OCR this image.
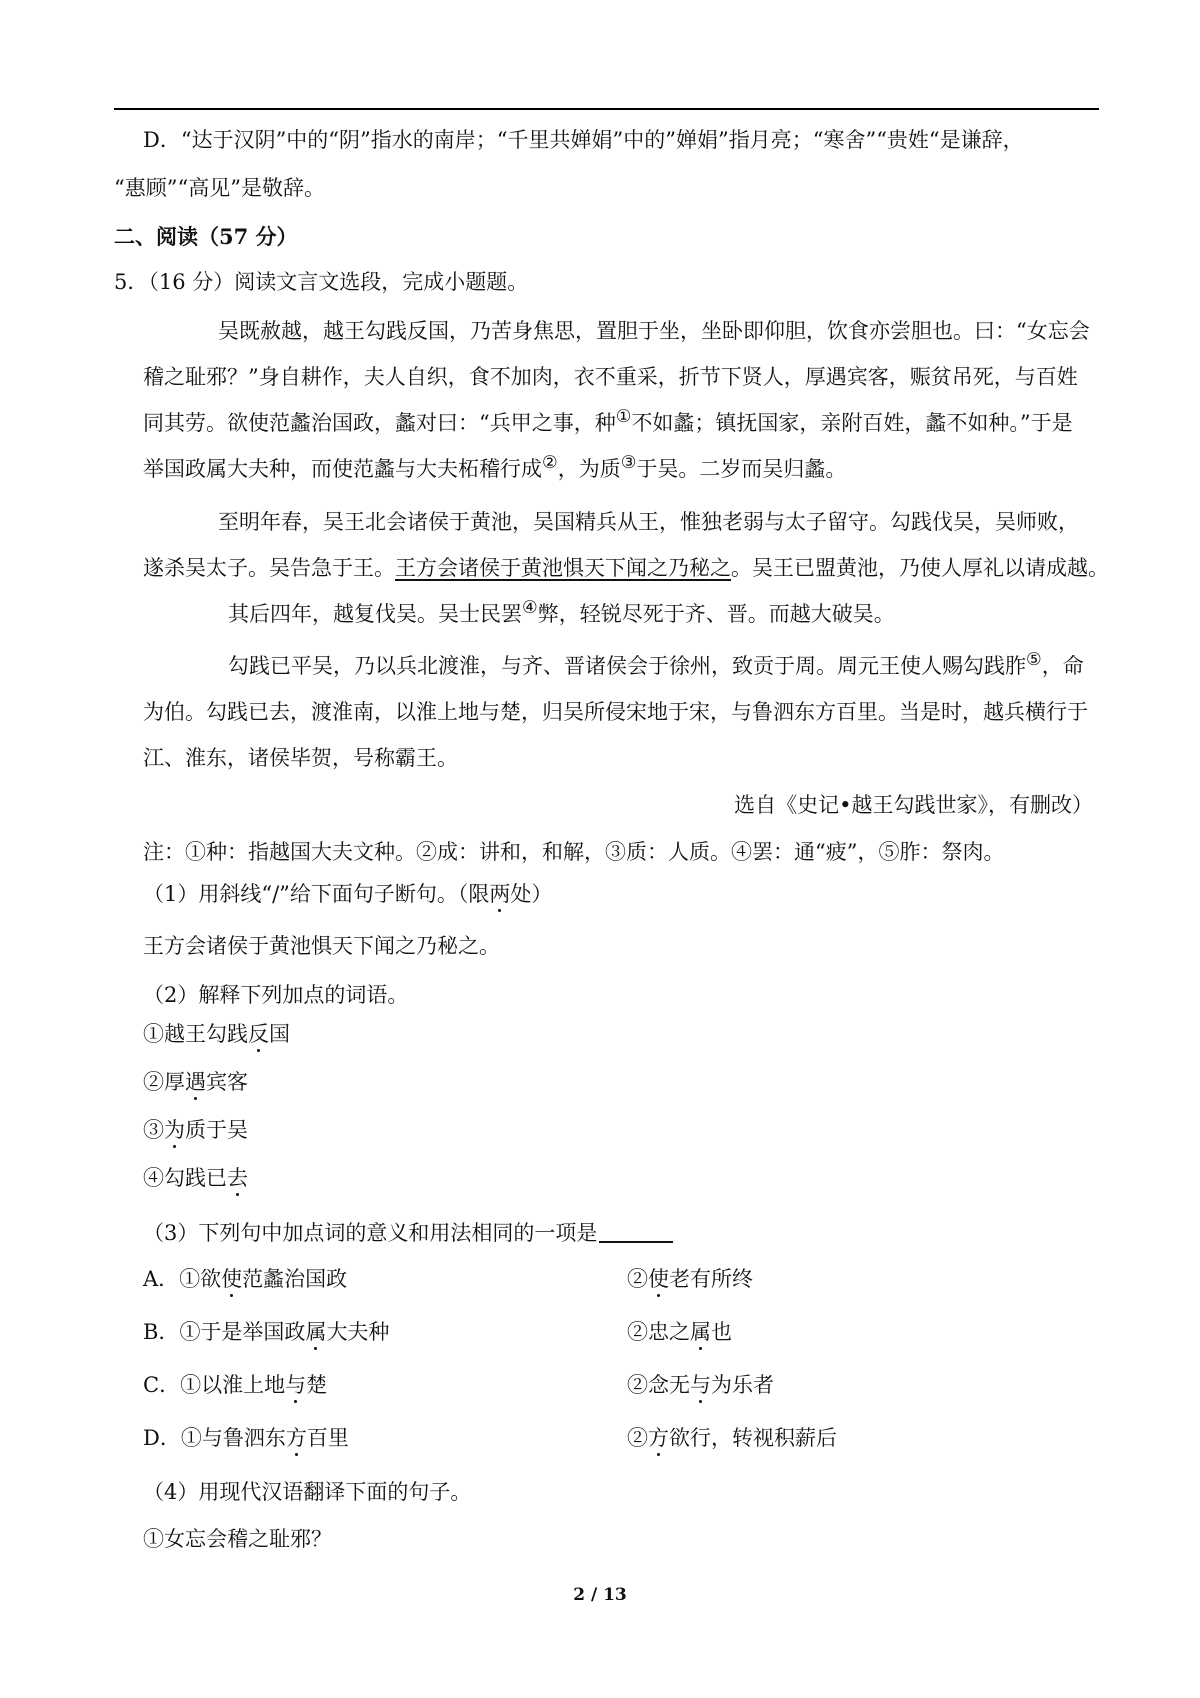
D．“达于汉阴”中的“阴”指水的南岸；“千里共婵娟”中的”婵娟”指月亮；“寒舍”“贵姓“是谦辞，
“惠顾”“高见”是敬辞。
二、阅读（57 分）
5．（16 分）阅读文言文选段，完成小题题。
吴既赦越，越王勾践反国，乃苦身焦思，置胆于坐，坐卧即仰胆，饮食亦尝胆也。曰：“女忘会
稽之耻邪？”身自耕作，夫人自织，食不加肉，衣不重采，折节下贤人，厚遇宾客，赈贫吊死，与百姓
同其劳。欲使范蠡治国政，蠡对曰：“兵甲之事，种①不如蠡；镇抚国家，亲附百姓，蠡不如种。”于是
举国政属大夫种，而使范蠡与大夫柘稽行成②，为质③于吴。二岁而吴归蠡。
至明年春，吴王北会诸侯于黄池，吴国精兵从王，惟独老弱与太子留守。勾践伐吴，吴师败，
遂杀吴太子。吴告急于王。王方会诸侯于黄池惧天下闻之乃秘之。吴王已盟黄池，乃使人厚礼以请成越。
其后四年，越复伐吴。吴士民罢④弊，轻锐尽死于齐、晋。而越大破吴。
勾践已平吴，乃以兵北渡淮，与齐、晋诸侯会于徐州，致贡于周。周元王使人赐勾践胙⑤，命
为伯。勾践已去，渡淮南，以淮上地与楚，归吴所侵宋地于宋，与鲁泗东方百里。当是时，越兵横行于
江、淮东，诸侯毕贺，号称霸王。
选自《史记•越王勾践世家》，有删改）
注：①种：指越国大夫文种。②成：讲和，和解，③质：人质。④罢：通“疲”，⑤胙：祭肉。
（1）用斜线“/”给下面句子断句。（限两处）
王方会诸侯于黄池惧天下闻之乃秘之。
（2）解释下列加点的词语。
①越王勾践反国
②厚遇宾客
③为质于吴
④勾践已去
（3）下列句中加点词的意义和用法相同的一项是
A．①欲使范蠡治国政	②使老有所终
B．①于是举国政属大夫种	②忠之属也
C．①以淮上地与楚	②念无与为乐者
D．①与鲁泗东方百里	②方欲行，转视积薪后
（4）用现代汉语翻译下面的句子。
①女忘会稽之耻邪？
2 / 13
